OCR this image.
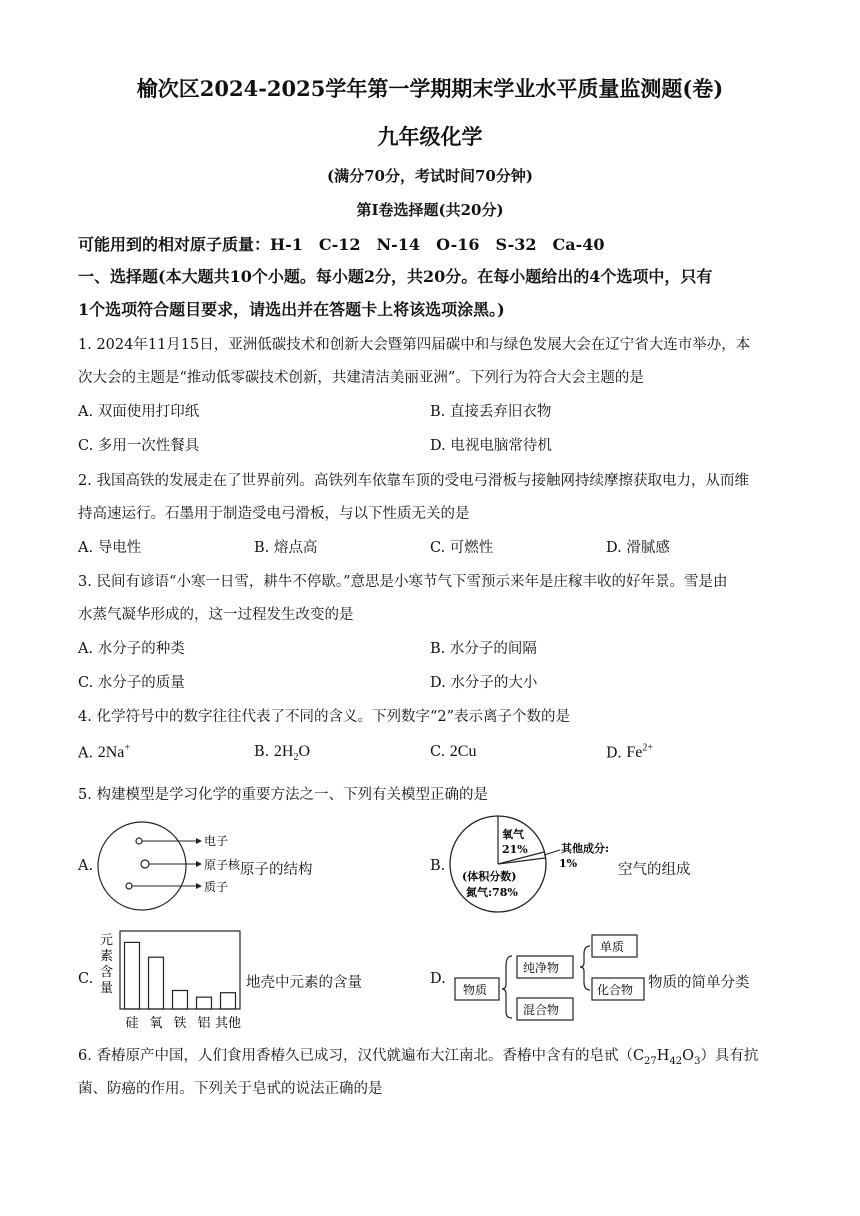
榆次区2024-2025学年第一学期期末学业水平质量监测题(卷)
九年级化学
(满分70分，考试时间70分钟)
第I卷选择题(共20分)
可能用到的相对原子质量：H-1　C-12　N-14　O-16　S-32　Ca-40
一、选择题(本大题共10个小题。每小题2分，共20分。在每小题给出的4个选项中，只有
1个选项符合题目要求，请选出并在答题卡上将该选项涂黑。)
1. 2024年11月15日，亚洲低碳技术和创新大会暨第四届碳中和与绿色发展大会在辽宁省大连市举办，本
次大会的主题是“推动低零碳技术创新，共建清洁美丽亚洲”。下列行为符合大会主题的是
A. 双面使用打印纸	B. 直接丢弃旧衣物
C. 多用一次性餐具	D. 电视电脑常待机
2. 我国高铁的发展走在了世界前列。高铁列车依靠车顶的受电弓滑板与接触网持续摩擦获取电力，从而维
持高速运行。石墨用于制造受电弓滑板，与以下性质无关的是
A. 导电性	B. 熔点高	C. 可燃性	D. 滑腻感
3. 民间有谚语“小寒一日雪，耕牛不停歇。”意思是小寒节气下雪预示来年是庄稼丰收的好年景。雪是由
水蒸气凝华形成的，这一过程发生改变的是
A. 水分子的种类	B. 水分子的间隔
C. 水分子的质量	D. 水分子的大小
4. 化学符号中的数字往往代表了不同的含义。下列数字“2”表示离子个数的是
A. 2Na+	B. $2H_2O$	C. 2Cu	D. $Fe^{2+}$
5. 构建模型是学习化学的重要方法之一、下列有关模型正确的是
A.
电子
原子核
质子
原子的结构	B.
氧气
21%	其他成分:
1%
(体积分数)
氮气:78%
空气的组成
C.
元
素
含
量
硅 氧 铁 铝 其他
地壳中元素的含量	D.
物质
纯净物
混合物
单质
化合物 物质的简单分类
6. 香椿原产中国，人们食用香椿久已成习，汉代就遍布大江南北。香椿中含有的皂甙$(C_{27}H_{42}O_3)$具有抗
菌、防癌的作用。下列关于皂甙的说法正确的是
